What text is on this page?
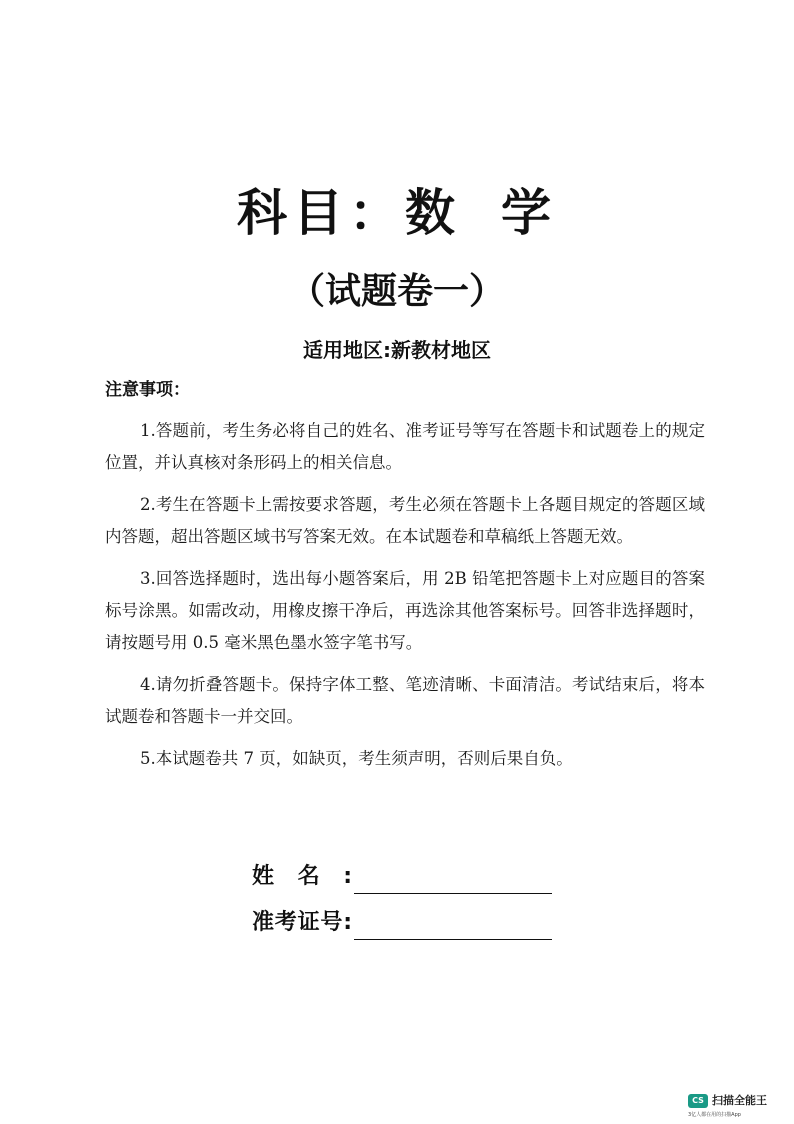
科目：数 学
（试题卷一）
适用地区:新教材地区
注意事项：
1.答题前，考生务必将自己的姓名、准考证号等写在答题卡和试题卷上的规定位置，并认真核对条形码上的相关信息。
2.考生在答题卡上需按要求答题，考生必须在答题卡上各题目规定的答题区域内答题，超出答题区域书写答案无效。在本试题卷和草稿纸上答题无效。
3.回答选择题时，选出每小题答案后，用 2B 铅笔把答题卡上对应题目的答案标号涂黑。如需改动，用橡皮擦干净后，再选涂其他答案标号。回答非选择题时，请按题号用 0.5 毫米黑色墨水签字笔书写。
4.请勿折叠答题卡。保持字体工整、笔迹清晰、卡面清洁。考试结束后，将本试题卷和答题卡一并交回。
5.本试题卷共 7 页，如缺页，考生须声明，否则后果自负。
姓名:
准考证号:
CS 扫描全能王
3亿人都在用的扫描App
